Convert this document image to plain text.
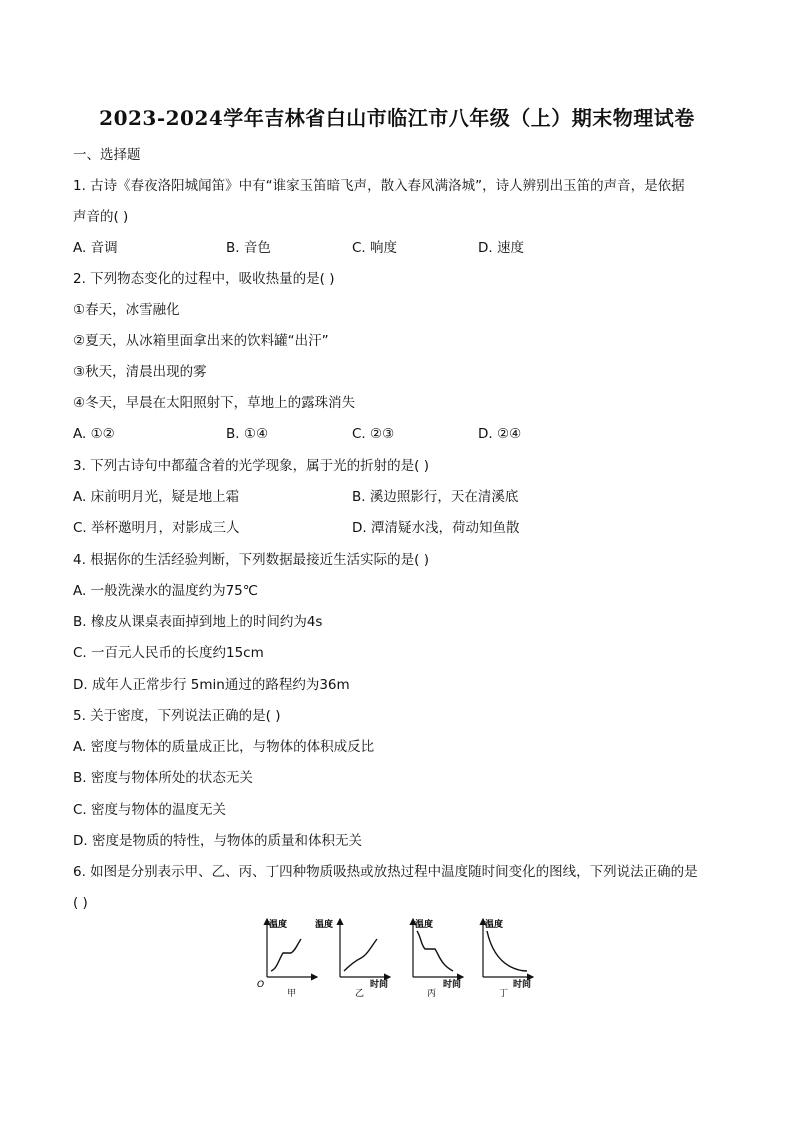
2023-2024学年吉林省白山市临江市八年级（上）期末物理试卷
一、选择题
1. 古诗《春夜洛阳城闻笛》中有“谁家玉笛暗飞声，散入春风满洛城”，诗人辨别出玉笛的声音，是依据
声音的( )
A. 音调	B. 音色	C. 响度	D. 速度
2. 下列物态变化的过程中，吸收热量的是( )
①春天，冰雪融化
②夏天，从冰箱里面拿出来的饮料罐“出汗”
③秋天，清晨出现的雾
④冬天，早晨在太阳照射下，草地上的露珠消失
A. ①②	B. ①④	C. ②③	D. ②④
3. 下列古诗句中都蕴含着的光学现象，属于光的折射的是( )
A. 床前明月光，疑是地上霜	B. 溪边照影行，天在清溪底
C. 举杯邀明月，对影成三人	D. 潭清疑水浅，荷动知鱼散
4. 根据你的生活经验判断，下列数据最接近生活实际的是( )
A. 一般洗澡水的温度约为75℃
B. 橡皮从课桌表面掉到地上的时间约为4s
C. 一百元人民币的长度约15cm
D. 成年人正常步行 5min通过的路程约为36m
5. 关于密度，下列说法正确的是( )
A. 密度与物体的质量成正比，与物体的体积成反比
B. 密度与物体所处的状态无关
C. 密度与物体的温度无关
D. 密度是物质的特性，与物体的质量和体积无关
6. 如图是分别表示甲、乙、丙、丁四种物质吸热或放热过程中温度随时间变化的图线，下列说法正确的是
( )
温度
O
甲
温度
乙
时间
温度
丙
时间
温度
丁
时间
